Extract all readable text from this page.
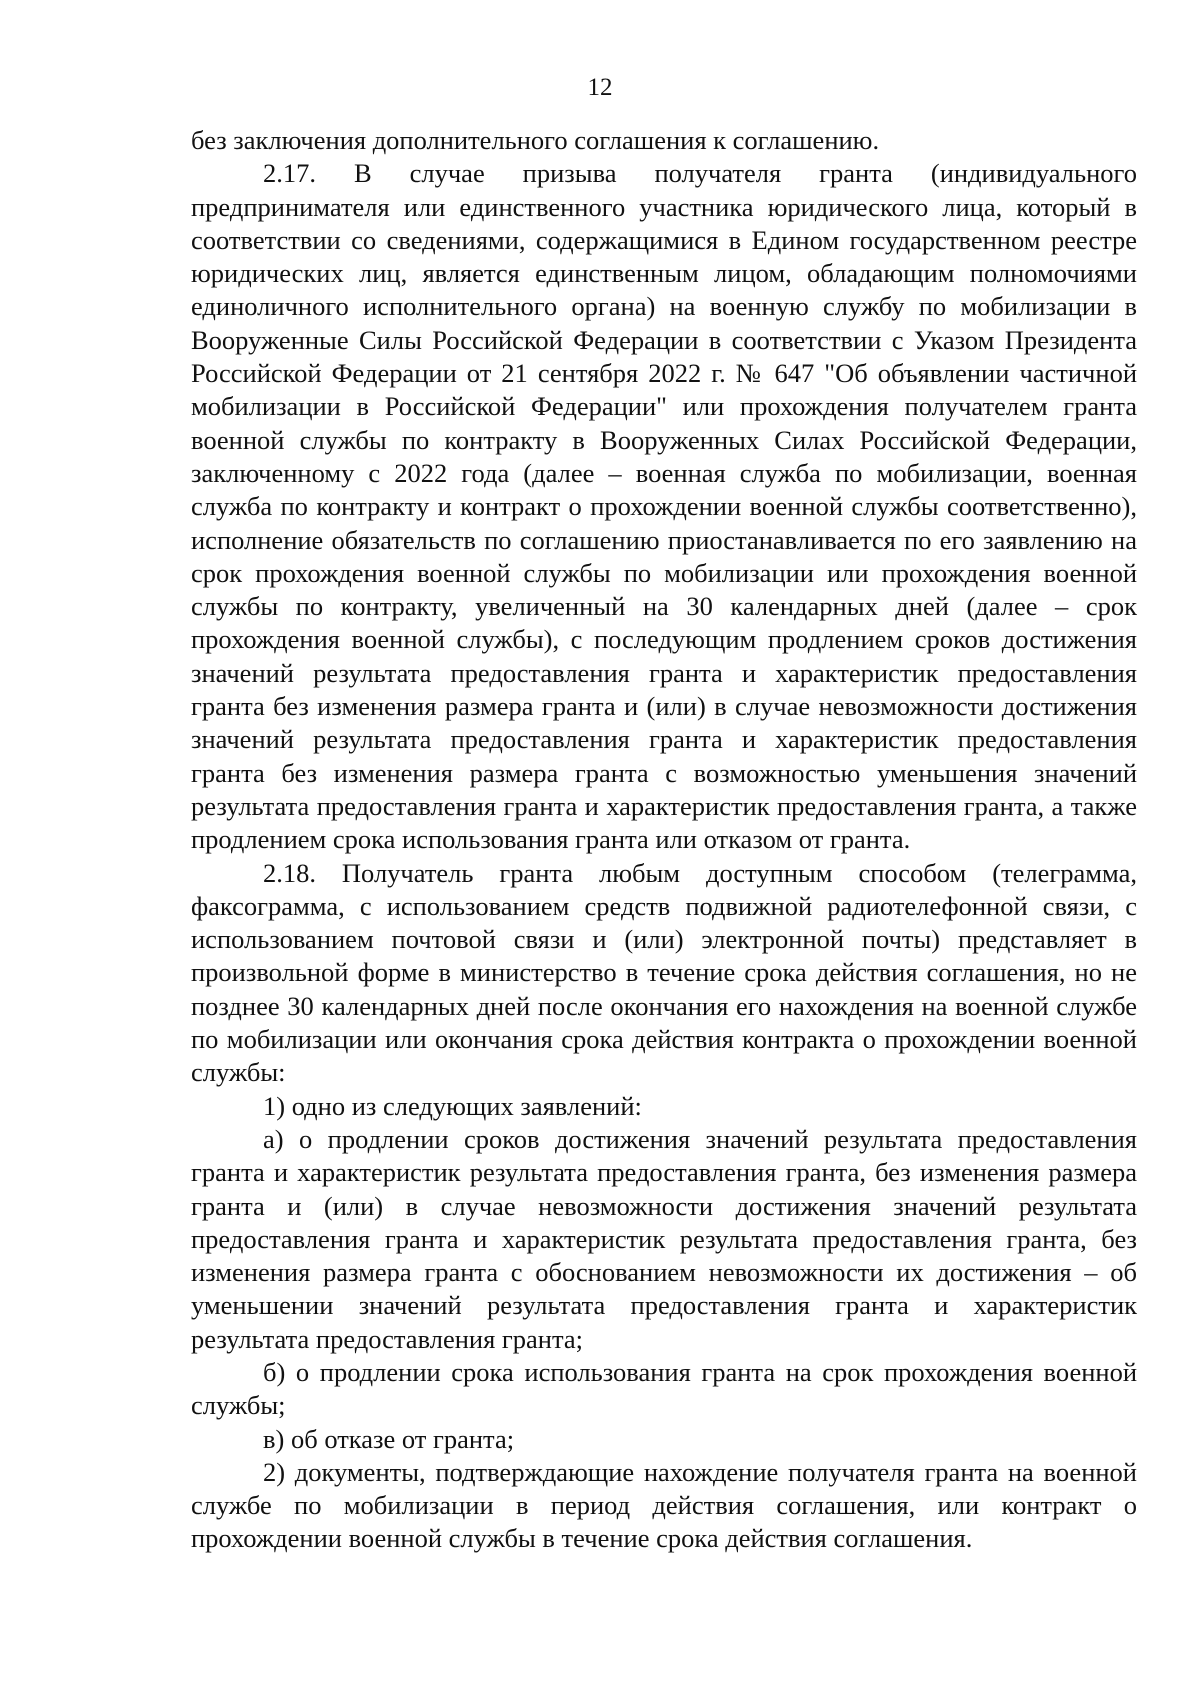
12

без заключения дополнительного соглашения к соглашению.

2.17. В случае призыва получателя гранта (индивидуального предпринимателя или единственного участника юридического лица, который в соответствии со сведениями, содержащимися в Едином государственном реестре юридических лиц, является единственным лицом, обладающим полномочиями единоличного исполнительного органа) на военную службу по мобилизации в Вооруженные Силы Российской Федерации в соответствии с Указом Президента Российской Федерации от 21 сентября 2022 г. № 647 "Об объявлении частичной мобилизации в Российской Федерации" или прохождения получателем гранта военной службы по контракту в Вооруженных Силах Российской Федерации, заключенному с 2022 года (далее – военная служба по мобилизации, военная служба по контракту и контракт о прохождении военной службы соответственно), исполнение обязательств по соглашению приостанавливается по его заявлению на срок прохождения военной службы по мобилизации или прохождения военной службы по контракту, увеличенный на 30 календарных дней (далее – срок прохождения военной службы), с последующим продлением сроков достижения значений результата предоставления гранта и характеристик предоставления гранта без изменения размера гранта и (или) в случае невозможности достижения значений результата предоставления гранта и характеристик предоставления гранта без изменения размера гранта с возможностью уменьшения значений результата предоставления гранта и характеристик предоставления гранта, а также продлением срока использования гранта или отказом от гранта.

2.18. Получатель гранта любым доступным способом (телеграмма, факсограмма, с использованием средств подвижной радиотелефонной связи, с использованием почтовой связи и (или) электронной почты) представляет в произвольной форме в министерство в течение срока действия соглашения, но не позднее 30 календарных дней после окончания его нахождения на военной службе по мобилизации или окончания срока действия контракта о прохождении военной службы:

1) одно из следующих заявлений:

а) о продлении сроков достижения значений результата предоставления гранта и характеристик результата предоставления гранта, без изменения размера гранта и (или) в случае невозможности достижения значений результата предоставления гранта и характеристик результата предоставления гранта, без изменения размера гранта с обоснованием невозможности их достижения – об уменьшении значений результата предоставления гранта и характеристик результата предоставления гранта;

б) о продлении срока использования гранта на срок прохождения военной службы;

в) об отказе от гранта;

2) документы, подтверждающие нахождение получателя гранта на военной службе по мобилизации в период действия соглашения, или контракт о прохождении военной службы в течение срока действия соглашения.
